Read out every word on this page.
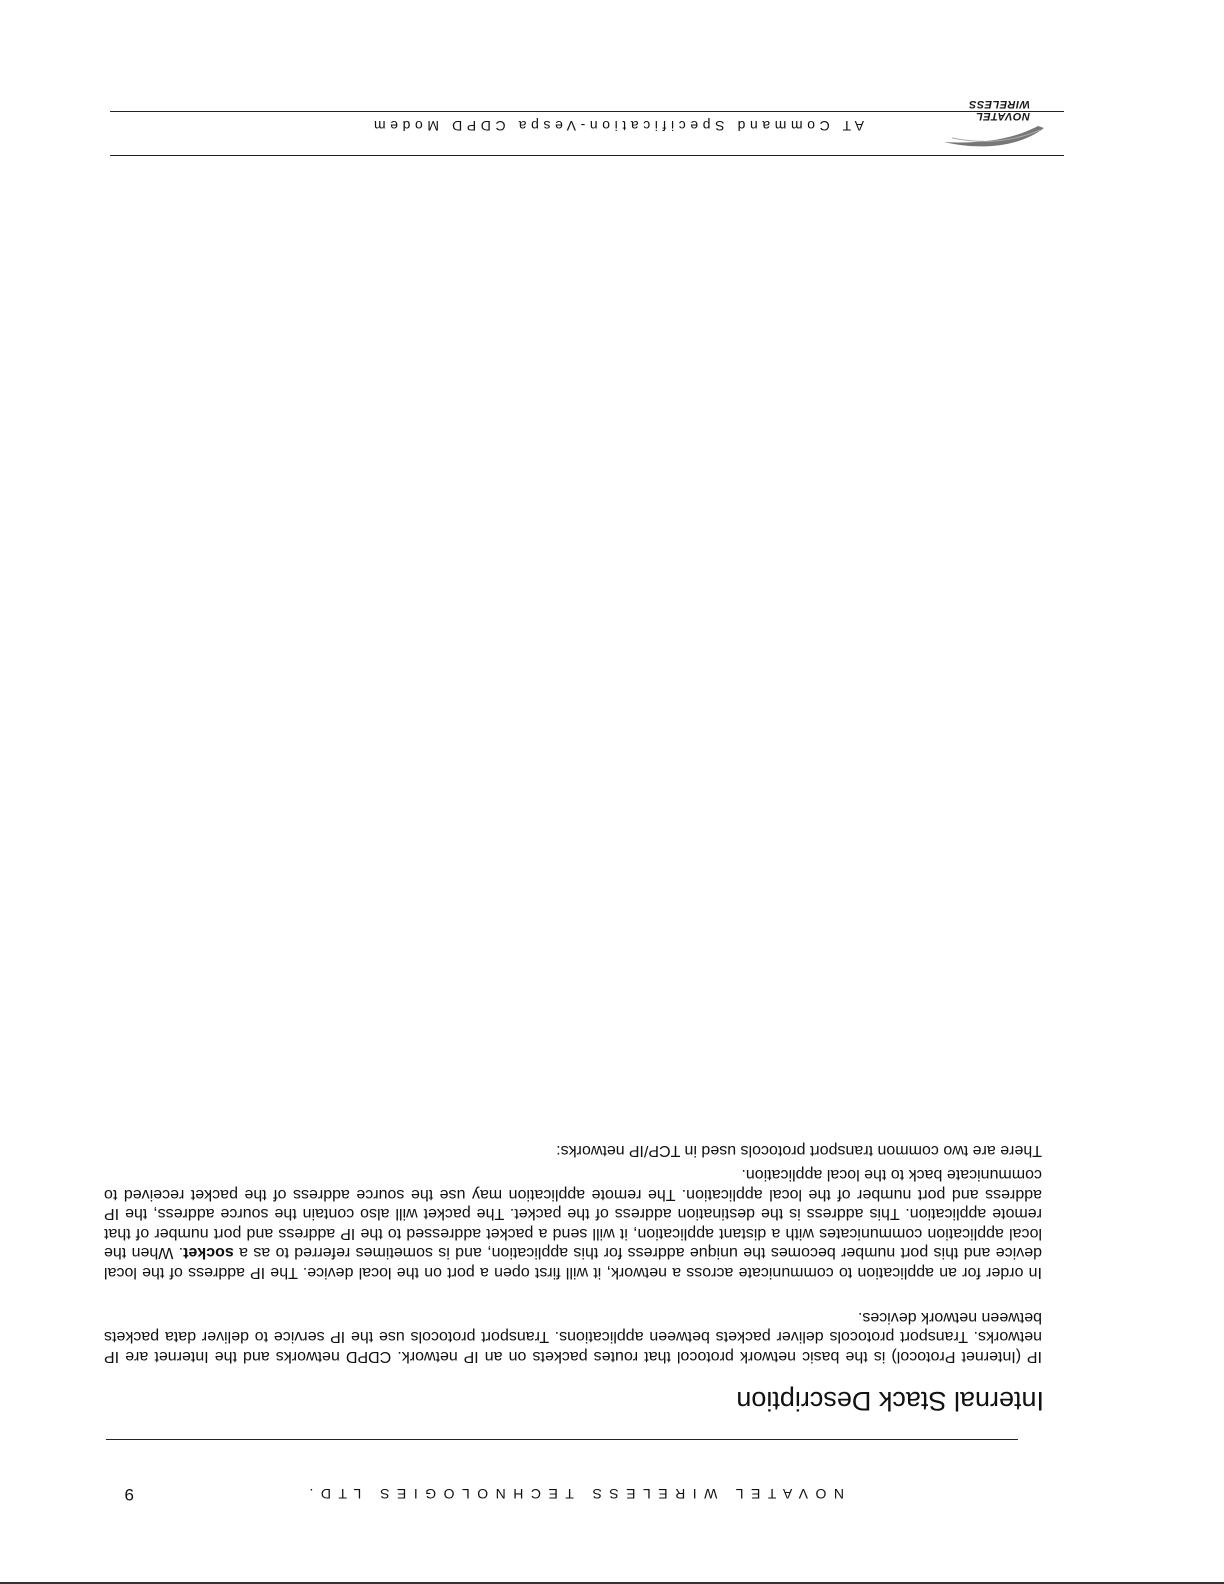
9	NOVATEL WIRELESS TECHNOLOGIES LTD.
Internal Stack Description

IP (Internet Protocol) is the basic network protocol that routes packets on an IP network. CDPD networks and the Internet are IP networks. Transport protocols deliver packets between applications. Transport protocols use the IP service to deliver data packets between network devices.

In order for an application to communicate across a network, it will first open a port on the local device. The IP address of the local device and this port number becomes the unique address for this application, and is sometimes referred to as a socket. When the local application communicates with a distant application, it will send a packet addressed to the IP address and port number of that remote application. This address is the destination address of the packet. The packet will also contain the source address, the IP address and port number of the local application. The remote application may use the source address of the packet received to communicate back to the local application.

There are two common transport protocols used in TCP/IP networks:

AT Command Specification-Vespa CDPD Modem
NOVATEL WIRELESS
